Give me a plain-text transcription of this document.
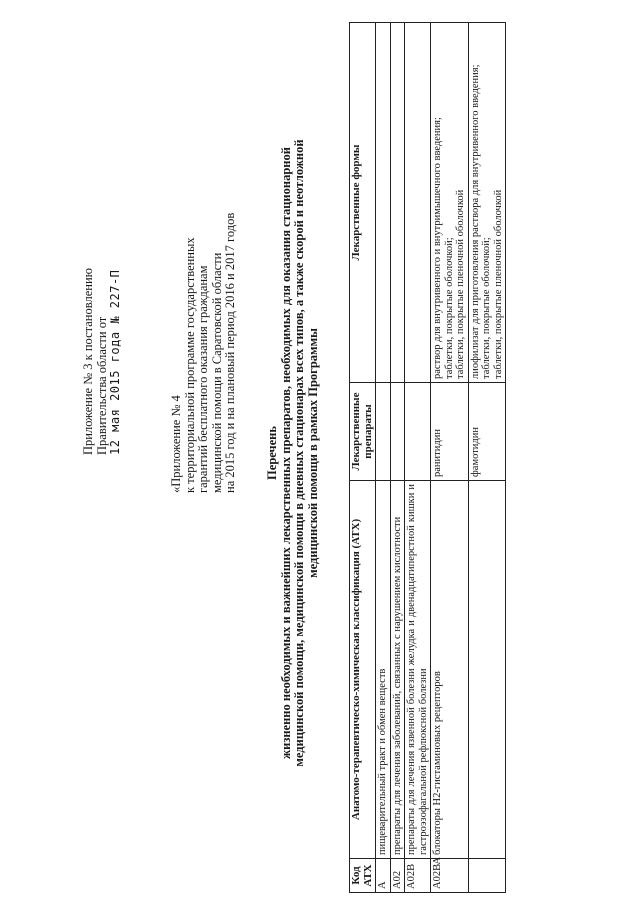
Приложение № 3 к постановлению Правительства области от 12 мая 2015 года № 227-П	«Приложение № 4 к территориальной программе государственных гарантий бесплатного оказания гражданам медицинской помощи в Саратовской области на 2015 год и на плановый период 2016 и 2017 годов Перечень жизненно необходимых и важнейших лекарственных препаратов, необходимых для оказания стационарной медицинской помощи, медицинской помощи в дневных стационарах всех типов, а также скорой и неотложной медицинской помощи в рамках Программы
Код АТХ	Анатомо-терапевтическо-химическая классификация (АТХ)	Лекарственные препараты	Лекарственные формы
А	пищеварительный тракт и обмен веществ		
А02	препараты для лечения заболеваний, связанных с нарушением кислотности		
А02В	препараты для лечения язвенной болезни желудка и двенадцатиперстной кишки и гастроэзофагальной рефлюксной болезни		
А02ВА	блокаторы Н2-гистаминовых рецепторов	ранитидин	раствор для внутривенного и внутримышечного введения; таблетки, покрытые оболочкой; таблетки, покрытые пленочной оболочкой

		фамотидин	лиофилизат для приготовления раствора для внутривенного введения; таблетки, покрытые оболочкой; таблетки, покрытые пленочной оболочкой
